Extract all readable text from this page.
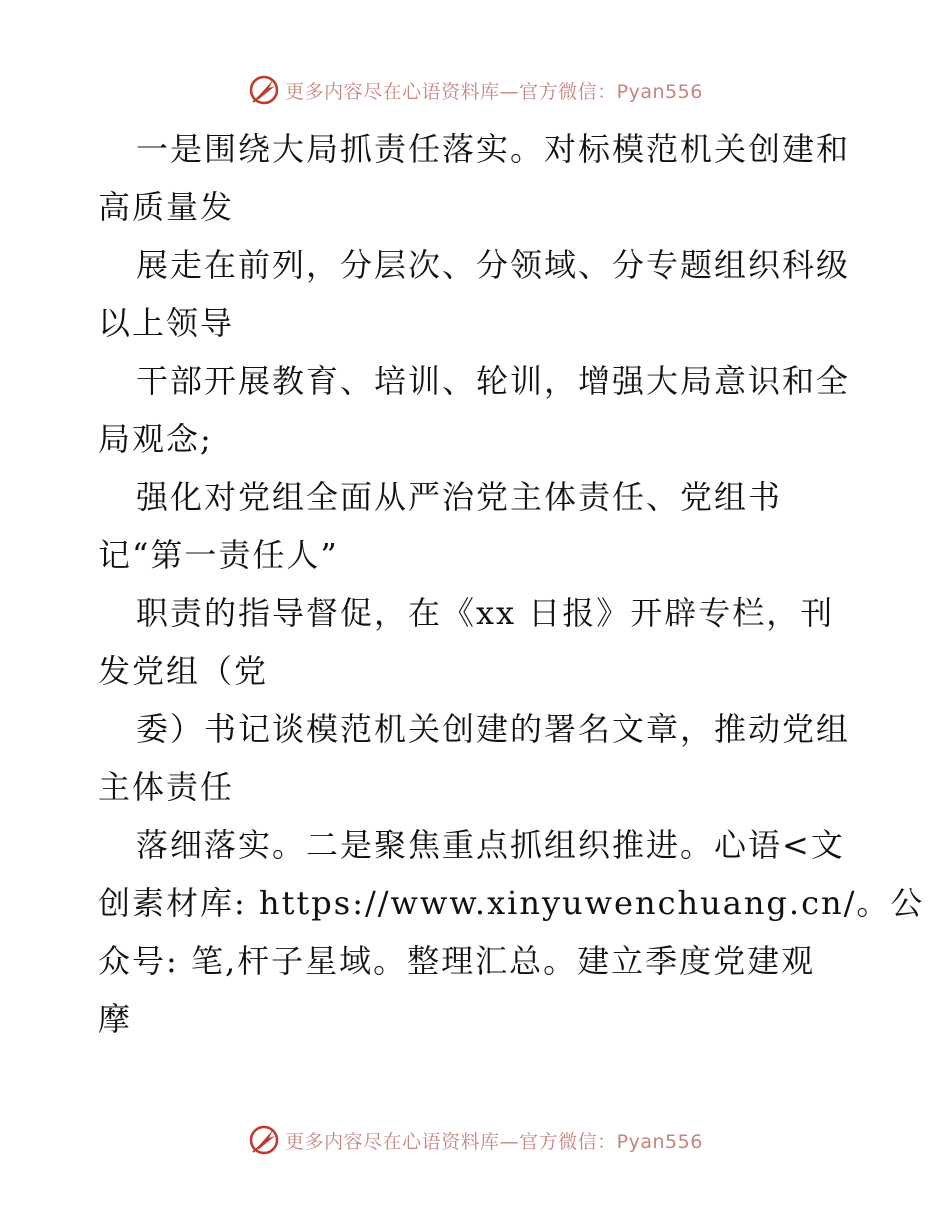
更多内容尽在心语资料库—官方微信：Pyan556
一是围绕大局抓责任落实。对标模范机关创建和
高质量发
展走在前列，分层次、分领域、分专题组织科级
以上领导
干部开展教育、培训、轮训，增强大局意识和全
局观念;
强化对党组全面从严治党主体责任、党组书
记“第一责任人”
职责的指导督促，在《xx 日报》开辟专栏，刊
发党组（党
委）书记谈模范机关创建的署名文章，推动党组
主体责任
落细落实。二是聚焦重点抓组织推进。心语<文
创素材库: https://www.xinyuwenchuang.cn/。公
众号: 笔,杆子星域。整理汇总。建立季度党建观
摩
更多内容尽在心语资料库—官方微信：Pyan556
